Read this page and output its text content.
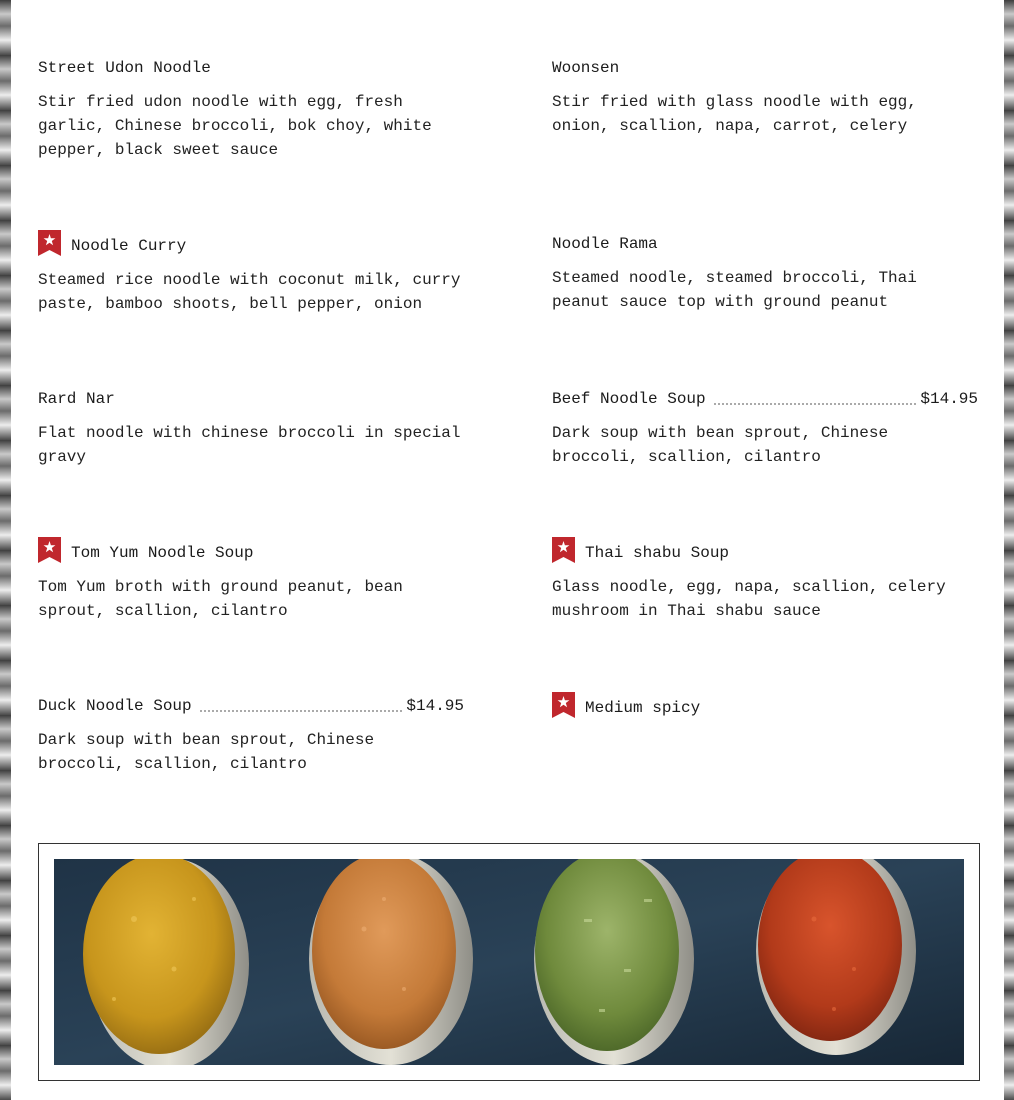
Street Udon Noodle
Stir fried udon noodle with egg, fresh garlic, Chinese broccoli, bok choy, white pepper, black sweet sauce
Woonsen
Stir fried with glass noodle with egg, onion, scallion, napa, carrot, celery
Noodle Curry
Steamed rice noodle with coconut milk, curry paste, bamboo shoots, bell pepper, onion
Noodle Rama
Steamed noodle, steamed broccoli, Thai peanut sauce top with ground peanut
Rard Nar
Flat noodle with chinese broccoli in special gravy
Beef Noodle Soup	$14.95
Dark soup with bean sprout, Chinese broccoli, scallion, cilantro
Tom Yum Noodle Soup
Tom Yum broth with ground peanut, bean sprout, scallion, cilantro
Thai shabu Soup
Glass noodle, egg, napa, scallion, celery mushroom in Thai shabu sauce
Duck Noodle Soup	$14.95
Dark soup with bean sprout, Chinese broccoli, scallion, cilantro
Medium spicy
